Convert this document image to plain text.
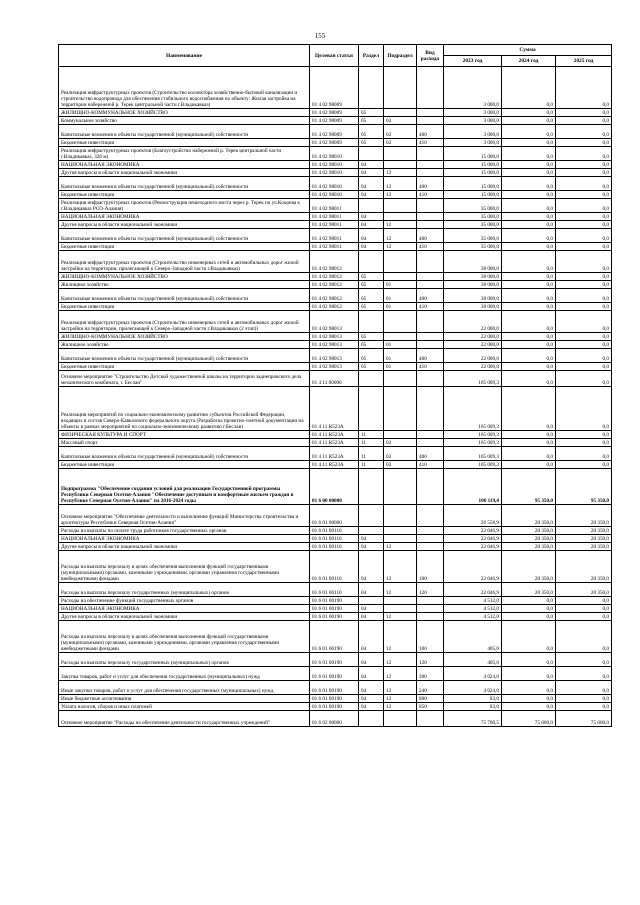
155
Наименование	Целевая статья	Раздел	Подраздел	Вид расхода	Сумма		
					2023 год	2024 год	2025 год
Реализация инфраструктурных проектов (Строительство коллектора хозяйственно-бытовой канализации и строительство водопровода для обеспечения стабильного водоснабжения по объекту: Жилая застройка на территории набережной р. Терек центральной части г.Владикавказ)	01 4 02 98009				3 000,0	0,0	0,0
ЖИЛИЩНО-КОММУНАЛЬНОЕ ХОЗЯЙСТВО	01 4 02 98009	05			3 000,0	0,0	0,0
Коммунальное хозяйство	01 4 02 98009	05	02		3 000,0	0,0	0,0
Капитальные вложения в объекты государственной (муниципальной) собственности	01 4 02 98009	05	02	400	3 000,0	0,0	0,0
Бюджетные инвестиции	01 4 02 98009	05	02	410	3 000,0	0,0	0,0
Реализация инфраструктурных проектов (Благоустройство набережной р. Терек центральной части г.Владикавказ, 326 м)	01 4 02 98010				15 000,0	0,0	0,0
НАЦИОНАЛЬНАЯ ЭКОНОМИКА	01 4 02 98010	04			15 000,0	0,0	0,0
Другие вопросы в области национальной экономики	01 4 02 98010	04	12		15 000,0	0,0	0,0
Капитальные вложения в объекты государственной (муниципальной) собственности	01 4 02 98010	04	12	400	15 000,0	0,0	0,0
Бюджетные инвестиции	01 4 02 98010	04	12	410	15 000,0	0,0	0,0
Реализация инфраструктурных проектов (Реконструкция пешеходного моста через р. Терек по ул.Коцоева к г.Владикавказ РСО-Алания)	01 4 02 98011				35 000,0	0,0	0,0
НАЦИОНАЛЬНАЯ ЭКОНОМИКА	01 4 02 98011	04			35 000,0	0,0	0,0
Другие вопросы в области национальной экономики	01 4 02 98011	04	12		35 000,0	0,0	0,0
Капитальные вложения в объекты государственной (муниципальной) собственности	01 4 02 98011	04	12	400	35 000,0	0,0	0,0
Бюджетные инвестиции	01 4 02 98011	04	12	410	35 000,0	0,0	0,0
Реализация инфраструктурных проектов (Строительство инженерных сетей и автомобильных дорог жилой застройки на территории, прилегающей к Северо-Западной части г.Владикавказ)	01 4 02 98012				38 000,0	0,0	0,0
ЖИЛИЩНО-КОММУНАЛЬНОЕ ХОЗЯЙСТВО	01 4 02 98012	05			38 000,0	0,0	0,0
Жилищное хозяйство	01 4 02 98012	05	01		38 000,0	0,0	0,0
Капитальные вложения в объекты государственной (муниципальной) собственности	01 4 02 98012	05	01	400	38 000,0	0,0	0,0
Бюджетные инвестиции	01 4 02 98012	05	01	410	38 000,0	0,0	0,0
Реализация инфраструктурных проектов (Строительство инженерных сетей и автомобильных дорог жилой застройки на территории, прилегающей к Северо-Западной части г.Владикавказ (2 этап))	01 4 02 98013				22 000,0	0,0	0,0
ЖИЛИЩНО-КОММУНАЛЬНОЕ ХОЗЯЙСТВО	01 4 02 98013	05			22 000,0	0,0	0,0
Жилищное хозяйство	01 4 02 98013	05	01		22 000,0	0,0	0,0
Капитальные вложения в объекты государственной (муниципальной) собственности	01 4 02 98013	05	01	400	22 000,0	0,0	0,0
Бюджетные инвестиции	01 4 02 98013	05	01	410	22 000,0	0,0	0,0
Основное мероприятие "Строительство Детской художественной школы на территории заднепровского дела механического комбината, г. Беслан"	01 4 11 00000				105 009,3	0,0	0,0
Реализация мероприятий по социально-экономическому развитию субъектов Российской Федерации, входящих в состав Северо-Кавказского федерального округа (Разработка проектно-сметной документации на объекты в рамках мероприятий по социально-экономическому развитию г.Беслан)	01 4 11 R523A				105 009,3	0,0	0,0
ФИЗИЧЕСКАЯ КУЛЬТУРА И СПОРТ	01 4 11 R523A	11			105 009,3	0,0	0,0
Массовый спорт	01 4 11 R523A	11	02		105 009,3	0,0	0,0
Капитальные вложения в объекты государственной (муниципальной) собственности	01 4 11 R523A	11	02	400	105 009,3	0,0	0,0
Бюджетные инвестиции	01 4 11 R523A	11	02	410	105 009,3	0,0	0,0
Подпрограмма "Обеспечение создания условий для реализации Государственной программы Республики Северная Осетия-Алания "Обеспечение доступным и комфортным жильем граждан в Республике Северная Осетия-Алания" на 2016-2024 годы	01 6 00 00000				106 119,4	95 350,0	95 350,0
Основное мероприятие "Обеспечение деятельности и выполнение функций Министерства строительства и архитектуры Республики Северная Осетия-Алания"	01 6 01 00000				26 558,9	20 350,0	20 350,0
Расходы на выплаты по оплате труда работников государственных органов	01 6 01 00110				22 046,9	20 350,0	20 350,0
НАЦИОНАЛЬНАЯ ЭКОНОМИКА	01 6 01 00110	04			22 046,9	20 350,0	20 350,0
Другие вопросы в области национальной экономики	01 6 01 00110	04	12		22 046,9	20 350,0	20 350,0
Расходы на выплаты персоналу в целях обеспечения выполнения функций государственными (муниципальными) органами, казенными учреждениями, органами управления государственными внебюджетными фондами	01 6 01 00110	04	12	100	22 046,9	20 350,0	20 350,0
Расходы на выплаты персоналу государственных (муниципальных) органов	01 6 01 00110	04	12	120	22 046,9	20 350,0	20 350,0
Расходы на обеспечение функций государственных органов	01 6 01 00190				4 512,0	0,0	0,0
НАЦИОНАЛЬНАЯ ЭКОНОМИКА	01 6 01 00190	04			4 512,0	0,0	0,0
Другие вопросы в области национальной экономики	01 6 01 00190	04	12		4 512,0	0,0	0,0
Расходы на выплаты персоналу в целях обеспечения выполнения функций государственными (муниципальными) органами, казенными учреждениями, органами управления государственными внебюджетными фондами	01 6 01 00190	04	12	100	405,0	0,0	0,0
Расходы на выплаты персоналу государственных (муниципальных) органов	01 6 01 00190	04	12	120	405,0	0,0	0,0
Закупка товаров, работ и услуг для обеспечения государственных (муниципальных) нужд	01 6 01 00190	04	12	200	4 024,0	0,0	0,0
Иные закупки товаров, работ и услуг для обеспечения государственных (муниципальных) нужд	01 6 01 00190	04	12	240	4 024,0	0,0	0,0
Иные бюджетные ассигнования	01 6 01 00190	04	12	800	83,0	0,0	0,0
Уплата налогов, сборов и иных платежей	01 6 01 00190	04	12	850	83,0	0,0	0,0
Основное мероприятие "Расходы на обеспечение деятельности государственных учреждений"	01 6 02 00000				75 760,5	75 000,0	75 000,0
